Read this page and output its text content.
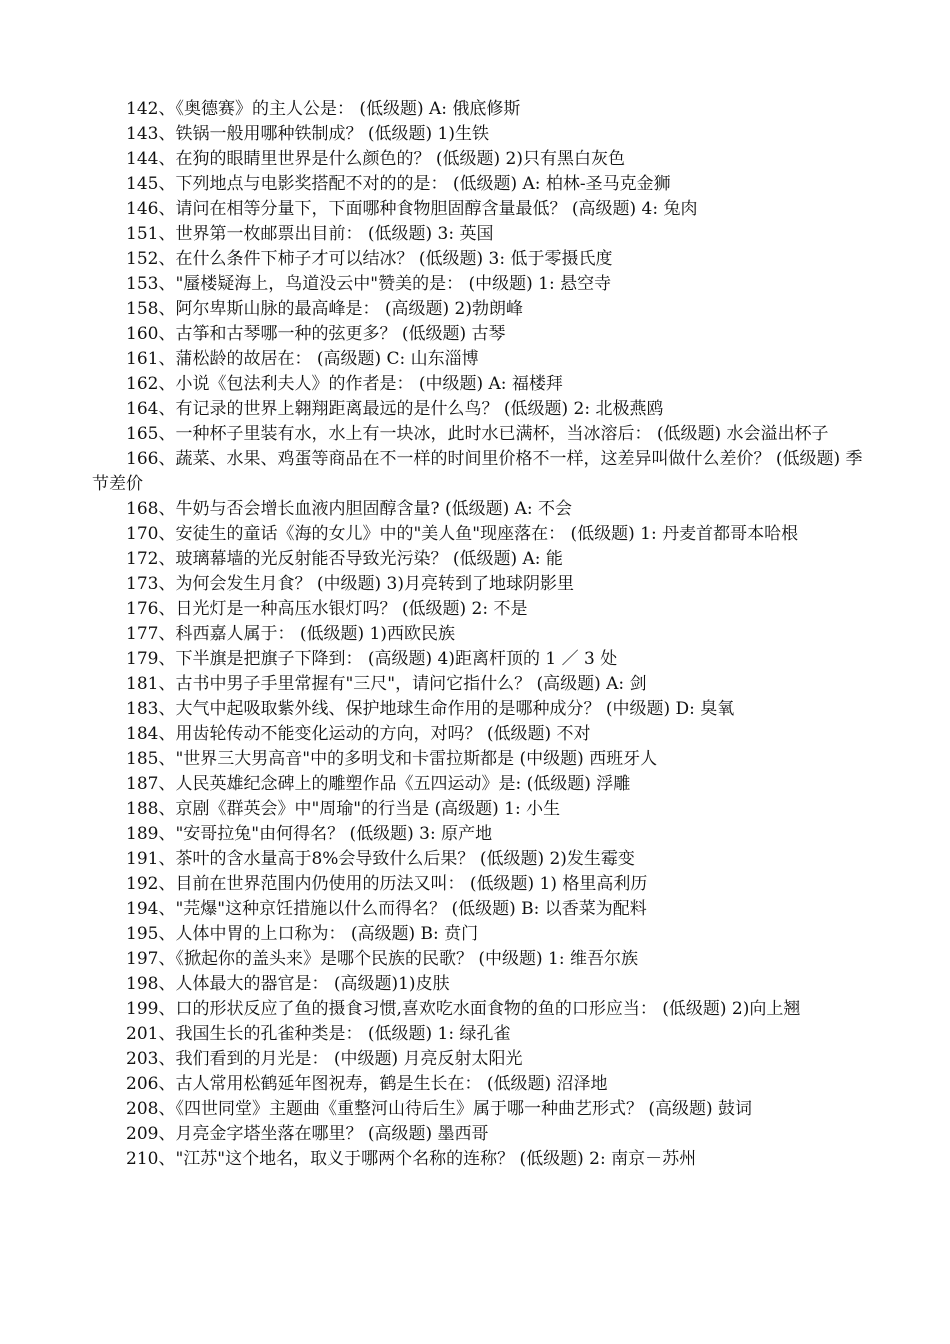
142、《奥德赛》的主人公是： (低级题) A: 俄底修斯

143、铁锅一般用哪种铁制成？ (低级题) 1)生铁

144、在狗的眼睛里世界是什么颜色的？ (低级题) 2)只有黑白灰色

145、下列地点与电影奖搭配不对的的是： (低级题) A: 柏林-圣马克金狮

146、请问在相等分量下，下面哪种食物胆固醇含量最低？ (高级题) 4: 兔肉

151、世界第一枚邮票出目前： (低级题) 3: 英国

152、在什么条件下柿子才可以结冰？ (低级题) 3: 低于零摄氏度

153、"蜃楼疑海上，鸟道没云中"赞美的是： (中级题) 1: 悬空寺

158、阿尔卑斯山脉的最高峰是： (高级题) 2)勃朗峰

160、古筝和古琴哪一种的弦更多？ (低级题) 古琴

161、蒲松龄的故居在： (高级题) C: 山东淄博

162、小说《包法利夫人》的作者是： (中级题) A: 福楼拜

164、有记录的世界上翱翔距离最远的是什么鸟？ (低级题) 2: 北极燕鸥

165、一种杯子里装有水，水上有一块冰，此时水已满杯，当冰溶后： (低级题) 水会溢出杯子

166、蔬菜、水果、鸡蛋等商品在不一样的时间里价格不一样，这差异叫做什么差价？ (低级题) 季节差价

168、牛奶与否会增长血液内胆固醇含量? (低级题) A: 不会

170、安徒生的童话《海的女儿》中的"美人鱼"现座落在： (低级题) 1: 丹麦首都哥本哈根

172、玻璃幕墙的光反射能否导致光污染？ (低级题) A: 能

173、为何会发生月食？ (中级题) 3)月亮转到了地球阴影里

176、日光灯是一种高压水银灯吗？ (低级题) 2: 不是

177、科西嘉人属于： (低级题) 1)西欧民族

179、下半旗是把旗子下降到： (高级题) 4)距离杆顶的 1 ／ 3 处

181、古书中男子手里常握有"三尺"，请问它指什么？ (高级题) A: 剑

183、大气中起吸取紫外线、保护地球生命作用的是哪种成分？ (中级题) D: 臭氧

184、用齿轮传动不能变化运动的方向，对吗？ (低级题) 不对

185、"世界三大男高音"中的多明戈和卡雷拉斯都是 (中级题) 西班牙人

187、人民英雄纪念碑上的雕塑作品《五四运动》是: (低级题) 浮雕

188、京剧《群英会》中"周瑜"的行当是 (高级题) 1: 小生

189、"安哥拉兔"由何得名？ (低级题) 3: 原产地

191、茶叶的含水量高于8%会导致什么后果？ (低级题) 2)发生霉变

192、目前在世界范围内仍使用的历法又叫： (低级题) 1) 格里高利历

194、"芫爆"这种京饪措施以什么而得名？ (低级题) B: 以香菜为配料

195、人体中胃的上口称为： (高级题) B: 贲门

197、《掀起你的盖头来》是哪个民族的民歌？ (中级题) 1: 维吾尔族

198、人体最大的器官是： (高级题)1)皮肤

199、口的形状反应了鱼的摄食习惯,喜欢吃水面食物的鱼的口形应当： (低级题) 2)向上翘

201、我国生长的孔雀种类是： (低级题) 1: 绿孔雀

203、我们看到的月光是： (中级题) 月亮反射太阳光

206、古人常用松鹤延年图祝寿，鹤是生长在： (低级题) 沼泽地

208、《四世同堂》主题曲《重整河山待后生》属于哪一种曲艺形式？ (高级题) 鼓词

209、月亮金字塔坐落在哪里？ (高级题) 墨西哥

210、"江苏"这个地名，取义于哪两个名称的连称？ (低级题) 2: 南京－苏州
